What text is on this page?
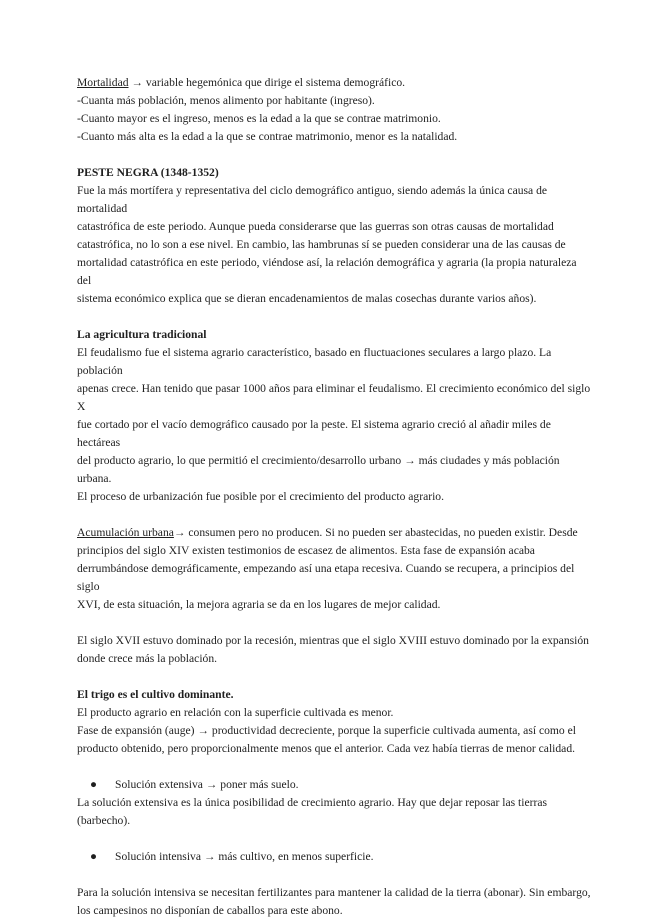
Mortalidad → variable hegemónica que dirige el sistema demográfico.

-Cuanta más población, menos alimento por habitante (ingreso).

-Cuanto mayor es el ingreso, menos es la edad a la que se contrae matrimonio.

-Cuanto más alta es la edad a la que se contrae matrimonio, menor es la natalidad.

PESTE NEGRA (1348-1352)

Fue la más mortífera y representativa del ciclo demográfico antiguo, siendo además la única causa de mortalidad

catastrófica de este periodo. Aunque pueda considerarse que las guerras son otras causas de mortalidad

catastrófica, no lo son a ese nivel. En cambio, las hambrunas sí se pueden considerar una de las causas de

mortalidad catastrófica en este periodo, viéndose así, la relación demográfica y agraria (la propia naturaleza del

sistema económico explica que se dieran encadenamientos de malas cosechas durante varios años).

La agricultura tradicional

El feudalismo fue el sistema agrario característico, basado en fluctuaciones seculares a largo plazo. La población

apenas crece. Han tenido que pasar 1000 años para eliminar el feudalismo. El crecimiento económico del siglo X

fue cortado por el vacío demográfico causado por la peste. El sistema agrario creció al añadir miles de hectáreas

del producto agrario, lo que permitió el crecimiento/desarrollo urbano → más ciudades y más población urbana.

El proceso de urbanización fue posible por el crecimiento del producto agrario.

Acumulación urbana→ consumen pero no producen. Si no pueden ser abastecidas, no pueden existir. Desde

principios del siglo XIV existen testimonios de escasez de alimentos. Esta fase de expansión acaba

derrumbándose demográficamente, empezando así una etapa recesiva. Cuando se recupera, a principios del siglo

XVI, de esta situación, la mejora agraria se da en los lugares de mejor calidad.

El siglo XVII estuvo dominado por la recesión, mientras que el siglo XVIII estuvo dominado por la expansión

donde crece más la población.

El trigo es el cultivo dominante.

El producto agrario en relación con la superficie cultivada es menor.

Fase de expansión (auge) → productividad decreciente, porque la superficie cultivada aumenta, así como el

producto obtenido, pero proporcionalmente menos que el anterior. Cada vez había tierras de menor calidad.

● Solución extensiva → poner más suelo.

La solución extensiva es la única posibilidad de crecimiento agrario. Hay que dejar reposar las tierras (barbecho).

● Solución intensiva → más cultivo, en menos superficie.

Para la solución intensiva se necesitan fertilizantes para mantener la calidad de la tierra (abonar). Sin embargo,

los campesinos no disponían de caballos para este abono.
